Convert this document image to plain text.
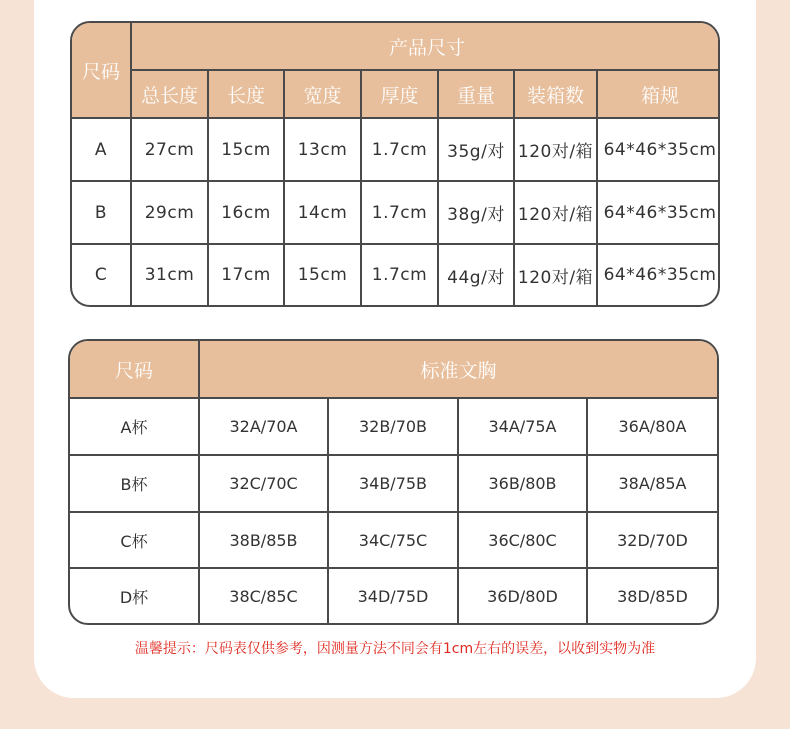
尺码	产品尺寸						
	总长度	长度	宽度	厚度	重量	装箱数	箱规
A	27cm	15cm	13cm	1.7cm	35g/对	120对/箱	64*46*35cm
B	29cm	16cm	14cm	1.7cm	38g/对	120对/箱	64*46*35cm
C	31cm	17cm	15cm	1.7cm	44g/对	120对/箱	64*46*35cm
尺码	标准文胸			
A杯	32A/70A	32B/70B	34A/75A	36A/80A
B杯	32C/70C	34B/75B	36B/80B	38A/85A
C杯	38B/85B	34C/75C	36C/80C	32D/70D
D杯	38C/85C	34D/75D	36D/80D	38D/85D
温馨提示：尺码表仅供参考，因测量方法不同会有1cm左右的误差，以收到实物为准
